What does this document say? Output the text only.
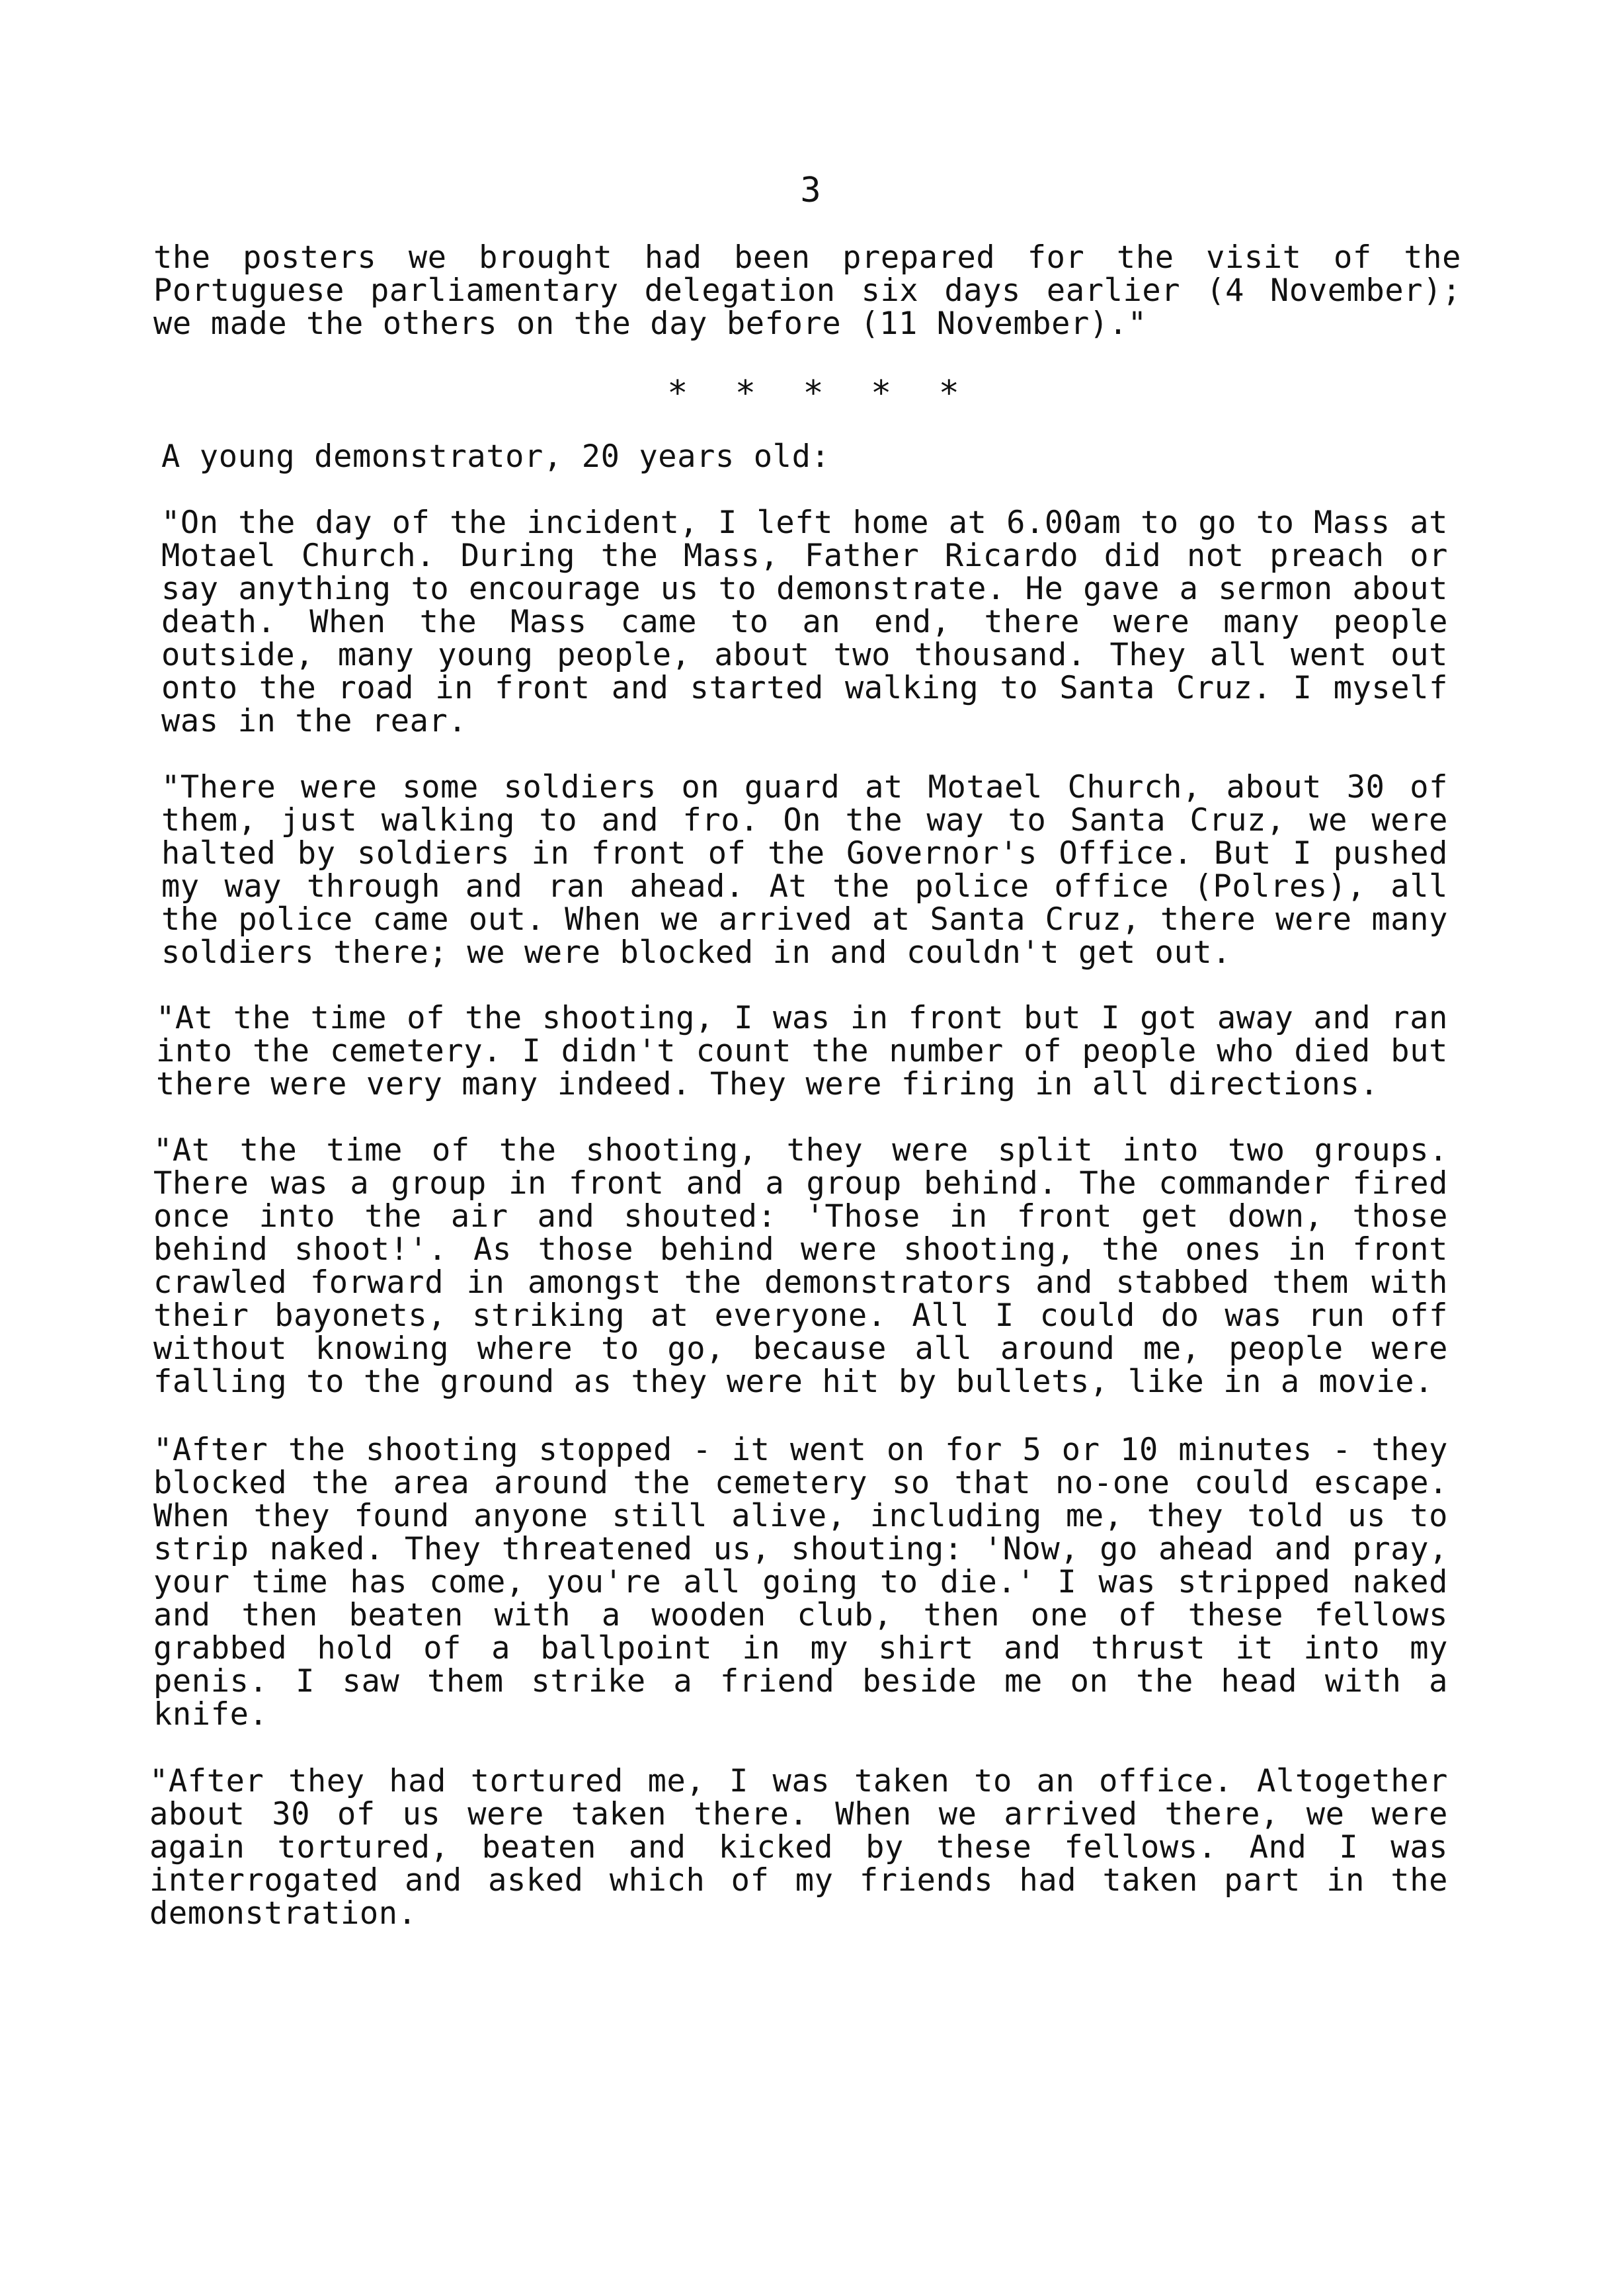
3

the posters we brought had been prepared for the visit of the Portuguese parliamentary delegation six days earlier (4 November); we made the others on the day before (11 November)."

* * * * *
A young demonstrator, 20 years old:

"On the day of the incident, I left home at 6.00am to go to Mass at Motael Church. During the Mass, Father Ricardo did not preach or say anything to encourage us to demonstrate. He gave a sermon about death. When the Mass came to an end, there were many people outside, many young people, about two thousand. They all went out onto the road in front and started walking to Santa Cruz. I myself was in the rear.

"There were some soldiers on guard at Motael Church, about 30 of them, just walking to and fro. On the way to Santa Cruz, we were halted by soldiers in front of the Governor's Office. But I pushed my way through and ran ahead. At the police office (Polres), all the police came out. When we arrived at Santa Cruz, there were many soldiers there; we were blocked in and couldn't get out.

"At the time of the shooting, I was in front but I got away and ran into the cemetery. I didn't count the number of people who died but there were very many indeed. They were firing in all directions.

"At the time of the shooting, they were split into two groups. There was a group in front and a group behind. The commander fired once into the air and shouted: 'Those in front get down, those behind shoot!'. As those behind were shooting, the ones in front crawled forward in amongst the demonstrators and stabbed them with their bayonets, striking at everyone. All I could do was run off without knowing where to go, because all around me, people were falling to the ground as they were hit by bullets, like in a movie.

"After the shooting stopped - it went on for 5 or 10 minutes - they blocked the area around the cemetery so that no-one could escape. When they found anyone still alive, including me, they told us to strip naked. They threatened us, shouting: 'Now, go ahead and pray, your time has come, you're all going to die.' I was stripped naked and then beaten with a wooden club, then one of these fellows grabbed hold of a ballpoint in my shirt and thrust it into my penis. I saw them strike a friend beside me on the head with a knife.

"After they had tortured me, I was taken to an office. Altogether about 30 of us were taken there. When we arrived there, we were again tortured, beaten and kicked by these fellows. And I was interrogated and asked which of my friends had taken part in the demonstration.
